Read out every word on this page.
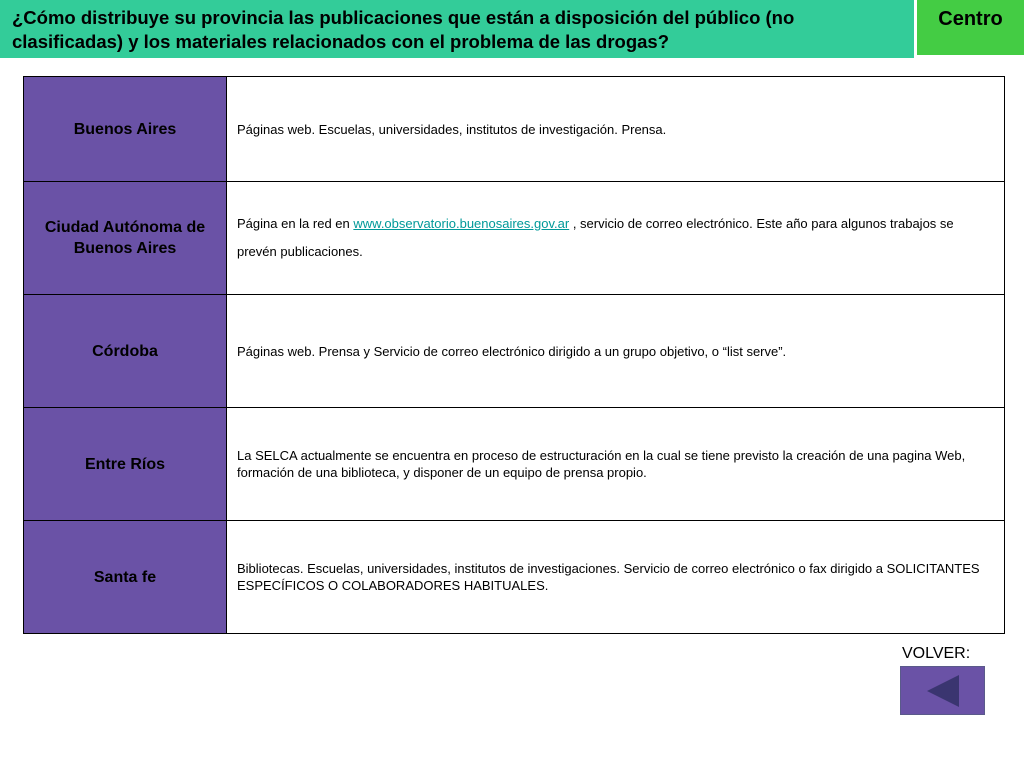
¿Cómo distribuye su provincia las publicaciones que están a disposición del público (no clasificadas) y los materiales relacionados con el problema de las drogas?
Centro
Buenos Aires	Páginas web. Escuelas, universidades, institutos de investigación. Prensa.
Ciudad Autónoma de Buenos Aires	Página en la red en www.observatorio.buenosaires.gov.ar , servicio de correo electrónico. Este año para algunos trabajos se prevén publicaciones.
Córdoba	Páginas web. Prensa y Servicio de correo electrónico dirigido a un grupo objetivo, o “list serve”.
Entre Ríos	La SELCA actualmente se encuentra en proceso de estructuración en la cual se tiene previsto la creación de una pagina Web, formación de una biblioteca, y disponer de un equipo de prensa propio.
Santa fe	Bibliotecas. Escuelas, universidades, institutos de investigaciones. Servicio de correo electrónico o fax dirigido a SOLICITANTES ESPECÍFICOS O COLABORADORES HABITUALES.
VOLVER:
